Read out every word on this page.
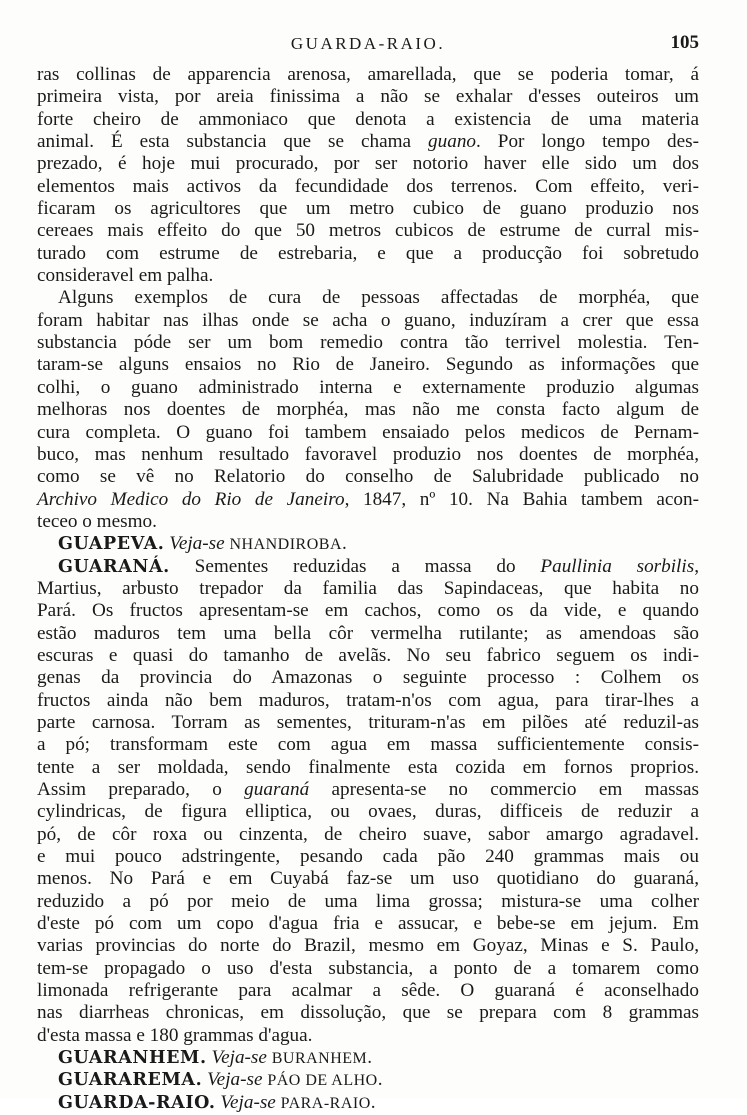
GUARDA-RAIO.	105
ras collinas de apparencia arenosa, amarellada, que se poderia tomar, á
primeira vista, por areia finissima a não se exhalar d'esses outeiros um
forte cheiro de ammoniaco que denota a existencia de uma materia
animal. É esta substancia que se chama guano. Por longo tempo des-
prezado, é hoje mui procurado, por ser notorio haver elle sido um dos
elementos mais activos da fecundidade dos terrenos. Com effeito, veri-
ficaram os agricultores que um metro cubico de guano produzio nos
cereaes mais effeito do que 50 metros cubicos de estrume de curral mis-
turado com estrume de estrebaria, e que a producção foi sobretudo
consideravel em palha.
Alguns exemplos de cura de pessoas affectadas de morphéa, que
foram habitar nas ilhas onde se acha o guano, induzíram a crer que essa
substancia póde ser um bom remedio contra tão terrivel molestia. Ten-
taram-se alguns ensaios no Rio de Janeiro. Segundo as informações que
colhi, o guano administrado interna e externamente produzio algumas
melhoras nos doentes de morphéa, mas não me consta facto algum de
cura completa. O guano foi tambem ensaiado pelos medicos de Pernam-
buco, mas nenhum resultado favoravel produzio nos doentes de morphéa,
como se vê no Relatorio do conselho de Salubridade publicado no
Archivo Medico do Rio de Janeiro, 1847, nº 10. Na Bahia tambem acon-
teceo o mesmo.
GUAPEVA. Veja-se NHANDIROBA.
GUARANÁ. Sementes reduzidas a massa do Paullinia sorbilis,
Martius, arbusto trepador da familia das Sapindaceas, que habita no
Pará. Os fructos apresentam-se em cachos, como os da vide, e quando
estão maduros tem uma bella côr vermelha rutilante; as amendoas são
escuras e quasi do tamanho de avelãs. No seu fabrico seguem os indi-
genas da provincia do Amazonas o seguinte processo : Colhem os
fructos ainda não bem maduros, tratam-n'os com agua, para tirar-lhes a
parte carnosa. Torram as sementes, trituram-n'as em pilões até reduzil-as
a pó; transformam este com agua em massa sufficientemente consis-
tente a ser moldada, sendo finalmente esta cozida em fornos proprios.
Assim preparado, o guaraná apresenta-se no commercio em massas
cylindricas, de figura elliptica, ou ovaes, duras, difficeis de reduzir a
pó, de côr roxa ou cinzenta, de cheiro suave, sabor amargo agradavel.
e mui pouco adstringente, pesando cada pão 240 grammas mais ou
menos. No Pará e em Cuyabá faz-se um uso quotidiano do guaraná,
reduzido a pó por meio de uma lima grossa; mistura-se uma colher
d'este pó com um copo d'agua fria e assucar, e bebe-se em jejum. Em
varias provincias do norte do Brazil, mesmo em Goyaz, Minas e S. Paulo,
tem-se propagado o uso d'esta substancia, a ponto de a tomarem como
limonada refrigerante para acalmar a sêde. O guaraná é aconselhado
nas diarrheas chronicas, em dissolução, que se prepara com 8 grammas
d'esta massa e 180 grammas d'agua.
GUARANHEM. Veja-se BURANHEM.
GUARAREMA. Veja-se PÁO DE ALHO.
GUARDA-RAIO. Veja-se PARA-RAIO.
